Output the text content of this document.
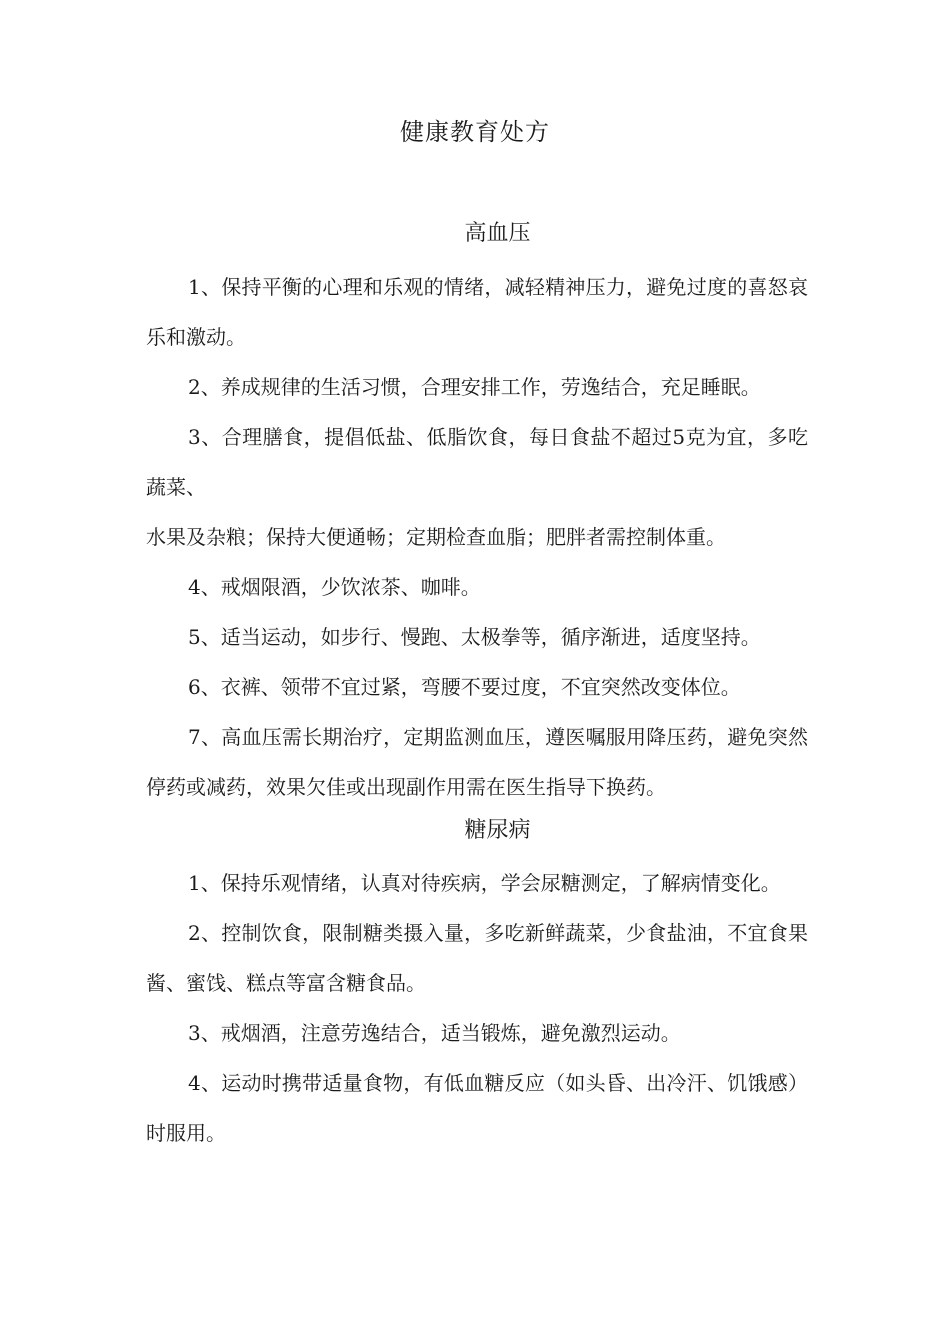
健康教育处方
高血压

1、保持平衡的心理和乐观的情绪，减轻精神压力，避免过度的喜怒哀乐和激动。

2、养成规律的生活习惯，合理安排工作，劳逸结合，充足睡眠。

3、合理膳食，提倡低盐、低脂饮食，每日食盐不超过5克为宜，多吃蔬菜、

水果及杂粮；保持大便通畅；定期检查血脂；肥胖者需控制体重。

4、戒烟限酒，少饮浓茶、咖啡。

5、适当运动，如步行、慢跑、太极拳等，循序渐进，适度坚持。

6、衣裤、领带不宜过紧，弯腰不要过度，不宜突然改变体位。

7、高血压需长期治疗，定期监测血压，遵医嘱服用降压药，避免突然停药或减药，效果欠佳或出现副作用需在医生指导下换药。

糖尿病

1、保持乐观情绪，认真对待疾病，学会尿糖测定，了解病情变化。

2、控制饮食，限制糖类摄入量，多吃新鲜蔬菜，少食盐油，不宜食果酱、蜜饯、糕点等富含糖食品。

3、戒烟酒，注意劳逸结合，适当锻炼，避免激烈运动。

4、运动时携带适量食物，有低血糖反应（如头昏、出冷汗、饥饿感）时服用。
